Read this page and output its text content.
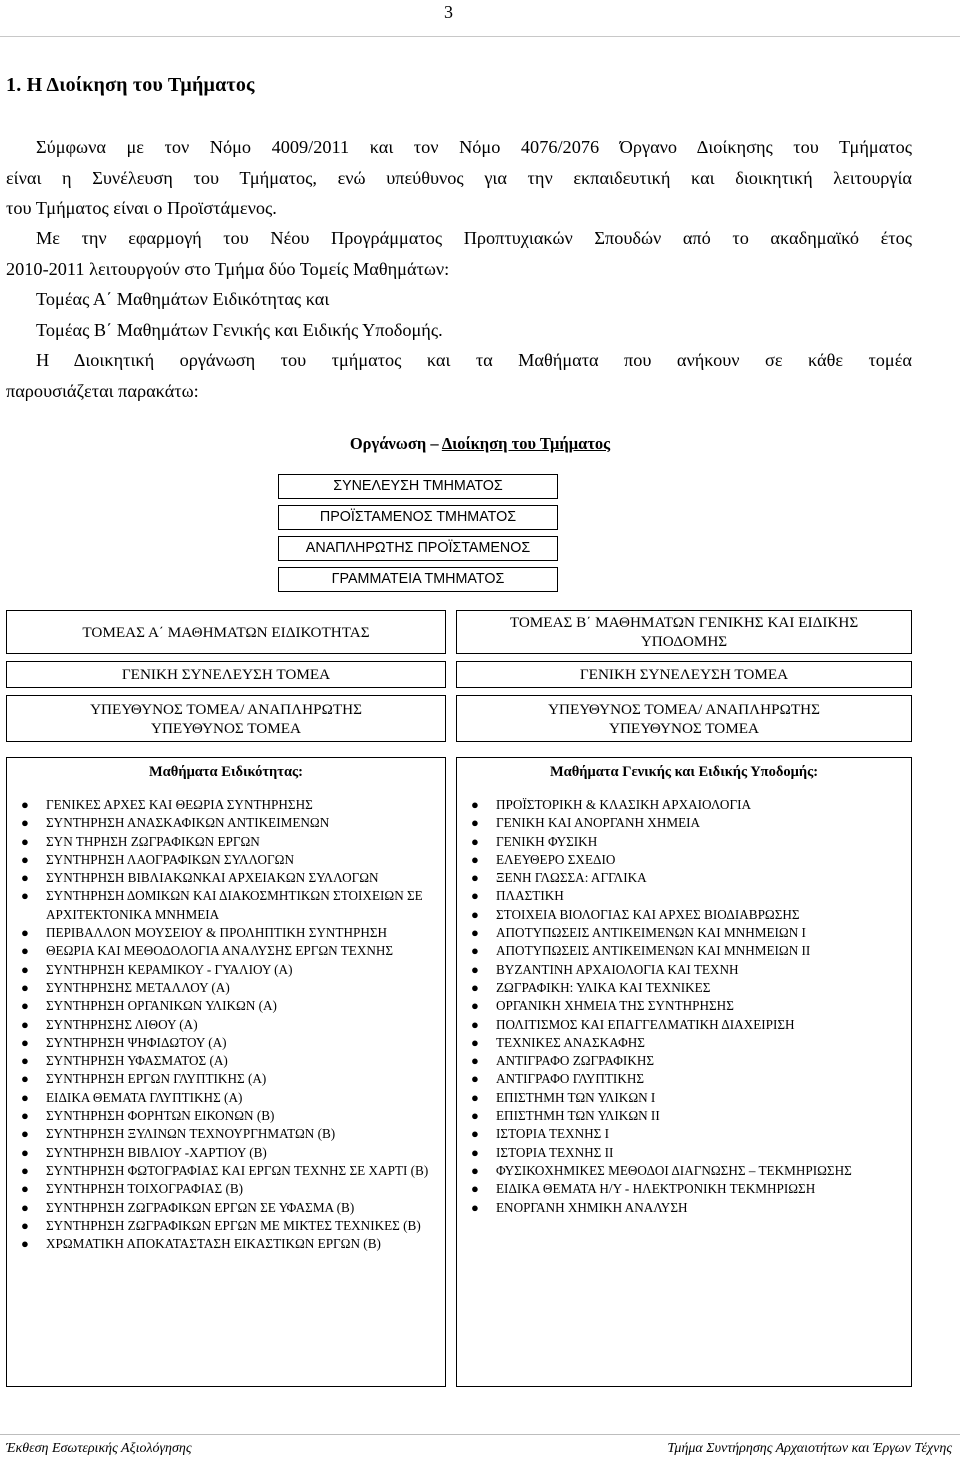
3
1. Η Διοίκηση του Τμήματος
Σύμφωνα με τον Νόμο 4009/2011 και τον Νόμο 4076/2076 Όργανο Διοίκησης του Τμήματος
είναι η Συνέλευση του Τμήματος, ενώ υπεύθυνος για την εκπαιδευτική και διοικητική λειτουργία
του Τμήματος είναι ο Προϊστάμενος.
Με την εφαρμογή του Νέου Προγράμματος Προπτυχιακών Σπουδών από το ακαδημαϊκό έτος
2010-2011 λειτουργούν στο Τμήμα δύο Τομείς Μαθημάτων:
Τομέας Α΄ Μαθημάτων Ειδικότητας και
Τομέας Β΄ Μαθημάτων Γενικής και Ειδικής Υποδομής.
Η Διοικητική οργάνωση του τμήματος και τα Μαθήματα που ανήκουν σε κάθε τομέα
παρουσιάζεται παρακάτω:
Οργάνωση – Διοίκηση του Τμήματος
ΣΥΝΕΛΕΥΣΗ ΤΜΗΜΑΤΟΣ
ΠΡΟΪΣΤΑΜΕΝΟΣ ΤΜΗΜΑΤΟΣ
ΑΝΑΠΛΗΡΩΤΗΣ ΠΡΟΪΣΤΑΜΕΝΟΣ
ΓΡΑΜΜΑΤΕΙΑ ΤΜΗΜΑΤΟΣ
ΤΟΜΕΑΣ Α΄ ΜΑΘΗΜΑΤΩΝ ΕΙΔΙΚΟΤΗΤΑΣ
ΤΟΜΕΑΣ Β΄ ΜΑΘΗΜΑΤΩΝ ΓΕΝΙΚΗΣ ΚΑΙ ΕΙΔΙΚΗΣ ΥΠΟΔΟΜΗΣ
ΓΕΝΙΚΗ ΣΥΝΕΛΕΥΣΗ ΤΟΜΕΑ	ΓΕΝΙΚΗ ΣΥΝΕΛΕΥΣΗ ΤΟΜΕΑ
ΥΠΕΥΘΥΝΟΣ ΤΟΜΕΑ/ ΑΝΑΠΛΗΡΩΤΗΣ ΥΠΕΥΘΥΝΟΣ ΤΟΜΕΑ
ΥΠΕΥΘΥΝΟΣ ΤΟΜΕΑ/ ΑΝΑΠΛΗΡΩΤΗΣ ΥΠΕΥΘΥΝΟΣ ΤΟΜΕΑ
Μαθήματα Ειδικότητας:
● ΓΕΝΙΚΕΣ ΑΡΧΕΣ ΚΑΙ ΘΕΩΡΙΑ ΣΥΝΤΗΡΗΣΗΣ
● ΣΥΝΤΗΡΗΣΗ ΑΝΑΣΚΑΦΙΚΩΝ ΑΝΤΙΚΕΙΜΕΝΩΝ
● ΣΥΝ ΤΗΡΗΣΗ ΖΩΓΡΑΦΙΚΩΝ ΕΡΓΩΝ
● ΣΥΝΤΗΡΗΣΗ ΛΑΟΓΡΑΦΙΚΩΝ ΣΥΛΛΟΓΩΝ
● ΣΥΝΤΗΡΗΣΗ ΒΙΒΛΙΑΚΩΝΚΑΙ ΑΡΧΕΙΑΚΩΝ ΣΥΛΛΟΓΩΝ
● ΣΥΝΤΗΡΗΣΗ ΔΟΜΙΚΩΝ ΚΑΙ ΔΙΑΚΟΣΜΗΤΙΚΩΝ ΣΤΟΙΧΕΙΩΝ ΣΕ ΑΡΧΙΤΕΚΤΟΝΙΚΑ ΜΝΗΜΕΙΑ
● ΠΕΡΙΒΑΛΛΟΝ ΜΟΥΣΕΙΟΥ & ΠΡΟΛΗΠΤΙΚΗ ΣΥΝΤΗΡΗΣΗ
● ΘΕΩΡΙΑ ΚΑΙ ΜΕΘΟΔΟΛΟΓΙΑ ΑΝΑΛΥΣΗΣ ΕΡΓΩΝ ΤΕΧΝΗΣ
● ΣΥΝΤΗΡΗΣΗ ΚΕΡΑΜΙΚΟΥ - ΓΥΑΛΙΟΥ (Α)
● ΣΥΝΤΗΡΗΣΗΣ ΜΕΤΑΛΛΟΥ (Α)
● ΣΥΝΤΗΡΗΣΗ ΟΡΓΑΝΙΚΩΝ ΥΛΙΚΩΝ (Α)
● ΣΥΝΤΗΡΗΣΗΣ ΛΙΘΟΥ (Α)
● ΣΥΝΤΗΡΗΣΗ ΨΗΦΙΔΩΤΟΥ (Α)
● ΣΥΝΤΗΡΗΣΗ ΥΦΑΣΜΑΤΟΣ (Α)
● ΣΥΝΤΗΡΗΣΗ ΕΡΓΩΝ ΓΛΥΠΤΙΚΗΣ (Α)
● ΕΙΔΙΚΑ ΘΕΜΑΤΑ ΓΛΥΠΤΙΚΗΣ (Α)
● ΣΥΝΤΗΡΗΣΗ ΦΟΡΗΤΩΝ ΕΙΚΟΝΩΝ (Β)
● ΣΥΝΤΗΡΗΣΗ ΞΥΛΙΝΩΝ ΤΕΧΝΟΥΡΓΗΜΑΤΩΝ (Β)
● ΣΥΝΤΗΡΗΣΗ ΒΙΒΛΙΟΥ -ΧΑΡΤΙΟΥ (Β)
● ΣΥΝΤΗΡΗΣΗ ΦΩΤΟΓΡΑΦΙΑΣ ΚΑΙ ΕΡΓΩΝ ΤΕΧΝΗΣ ΣΕ ΧΑΡΤΙ (Β)
● ΣΥΝΤΗΡΗΣΗ ΤΟΙΧΟΓΡΑΦΙΑΣ (Β)
● ΣΥΝΤΗΡΗΣΗ ΖΩΓΡΑΦΙΚΩΝ ΕΡΓΩΝ ΣΕ ΥΦΑΣΜΑ (Β)
● ΣΥΝΤΗΡΗΣΗ ΖΩΓΡΑΦΙΚΩΝ ΕΡΓΩΝ ΜΕ ΜΙΚΤΕΣ ΤΕΧΝΙΚΕΣ (Β)
● ΧΡΩΜΑΤΙΚΗ ΑΠΟΚΑΤΑΣΤΑΣΗ ΕΙΚΑΣΤΙΚΩΝ ΕΡΓΩΝ (Β)
Μαθήματα Γενικής και Ειδικής Υποδομής:
● ΠΡΟΪΣΤΟΡΙΚΗ & ΚΛΑΣΙΚΗ ΑΡΧΑΙΟΛΟΓΙΑ
● ΓΕΝΙΚΗ ΚΑΙ ΑΝΟΡΓΑΝΗ ΧΗΜΕΙΑ
● ΓΕΝΙΚΗ ΦΥΣΙΚΗ
● ΕΛΕΥΘΕΡΟ ΣΧΕΔΙΟ
● ΞΕΝΗ ΓΛΩΣΣΑ: ΑΓΓΛΙΚΑ
● ΠΛΑΣΤΙΚΗ
● ΣΤΟΙΧΕΙΑ ΒΙΟΛΟΓΙΑΣ ΚΑΙ ΑΡΧΕΣ ΒΙΟΔΙΑΒΡΩΣΗΣ
● ΑΠΟΤΥΠΩΣΕΙΣ ΑΝΤΙΚΕΙΜΕΝΩΝ ΚΑΙ ΜΝΗΜΕΙΩΝ Ι
● ΑΠΟΤΥΠΩΣΕΙΣ ΑΝΤΙΚΕΙΜΕΝΩΝ ΚΑΙ ΜΝΗΜΕΙΩΝ ΙΙ
● ΒΥΖΑΝΤΙΝΗ ΑΡΧΑΙΟΛΟΓΙΑ ΚΑΙ ΤΕΧΝΗ
● ΖΩΓΡΑΦΙΚΗ: ΥΛΙΚΑ ΚΑΙ ΤΕΧΝΙΚΕΣ
● ΟΡΓΑΝΙΚΗ ΧΗΜΕΙΑ ΤΗΣ ΣΥΝΤΗΡΗΣΗΣ
● ΠΟΛΙΤΙΣΜΟΣ ΚΑΙ ΕΠΑΓΓΕΛΜΑΤΙΚΗ ΔΙΑΧΕΙΡΙΣΗ
● ΤΕΧΝΙΚΕΣ ΑΝΑΣΚΑΦΗΣ
● ΑΝΤΙΓΡΑΦΟ ΖΩΓΡΑΦΙΚΗΣ
● ΑΝΤΙΓΡΑΦΟ ΓΛΥΠΤΙΚΗΣ
● ΕΠΙΣΤΗΜΗ ΤΩΝ ΥΛΙΚΩΝ Ι
● ΕΠΙΣΤΗΜΗ ΤΩΝ ΥΛΙΚΩΝ ΙΙ
● ΙΣΤΟΡΙΑ ΤΕΧΝΗΣ Ι
● ΙΣΤΟΡΙΑ ΤΕΧΝΗΣ ΙΙ
● ΦΥΣΙΚΟΧΗΜΙΚΕΣ ΜΕΘΟΔΟΙ ΔΙΑΓΝΩΣΗΣ – ΤΕΚΜΗΡΙΩΣΗΣ
● ΕΙΔΙΚΑ ΘΕΜΑΤΑ Η/Υ - ΗΛΕΚΤΡΟΝΙΚΗ ΤΕΚΜΗΡΙΩΣΗ
● ΕΝΟΡΓΑΝΗ ΧΗΜΙΚΗ ΑΝΑΛΥΣΗ
Έκθεση Εσωτερικής Αξιολόγησης	Τμήμα Συντήρησης Αρχαιοτήτων και Έργων Τέχνης
